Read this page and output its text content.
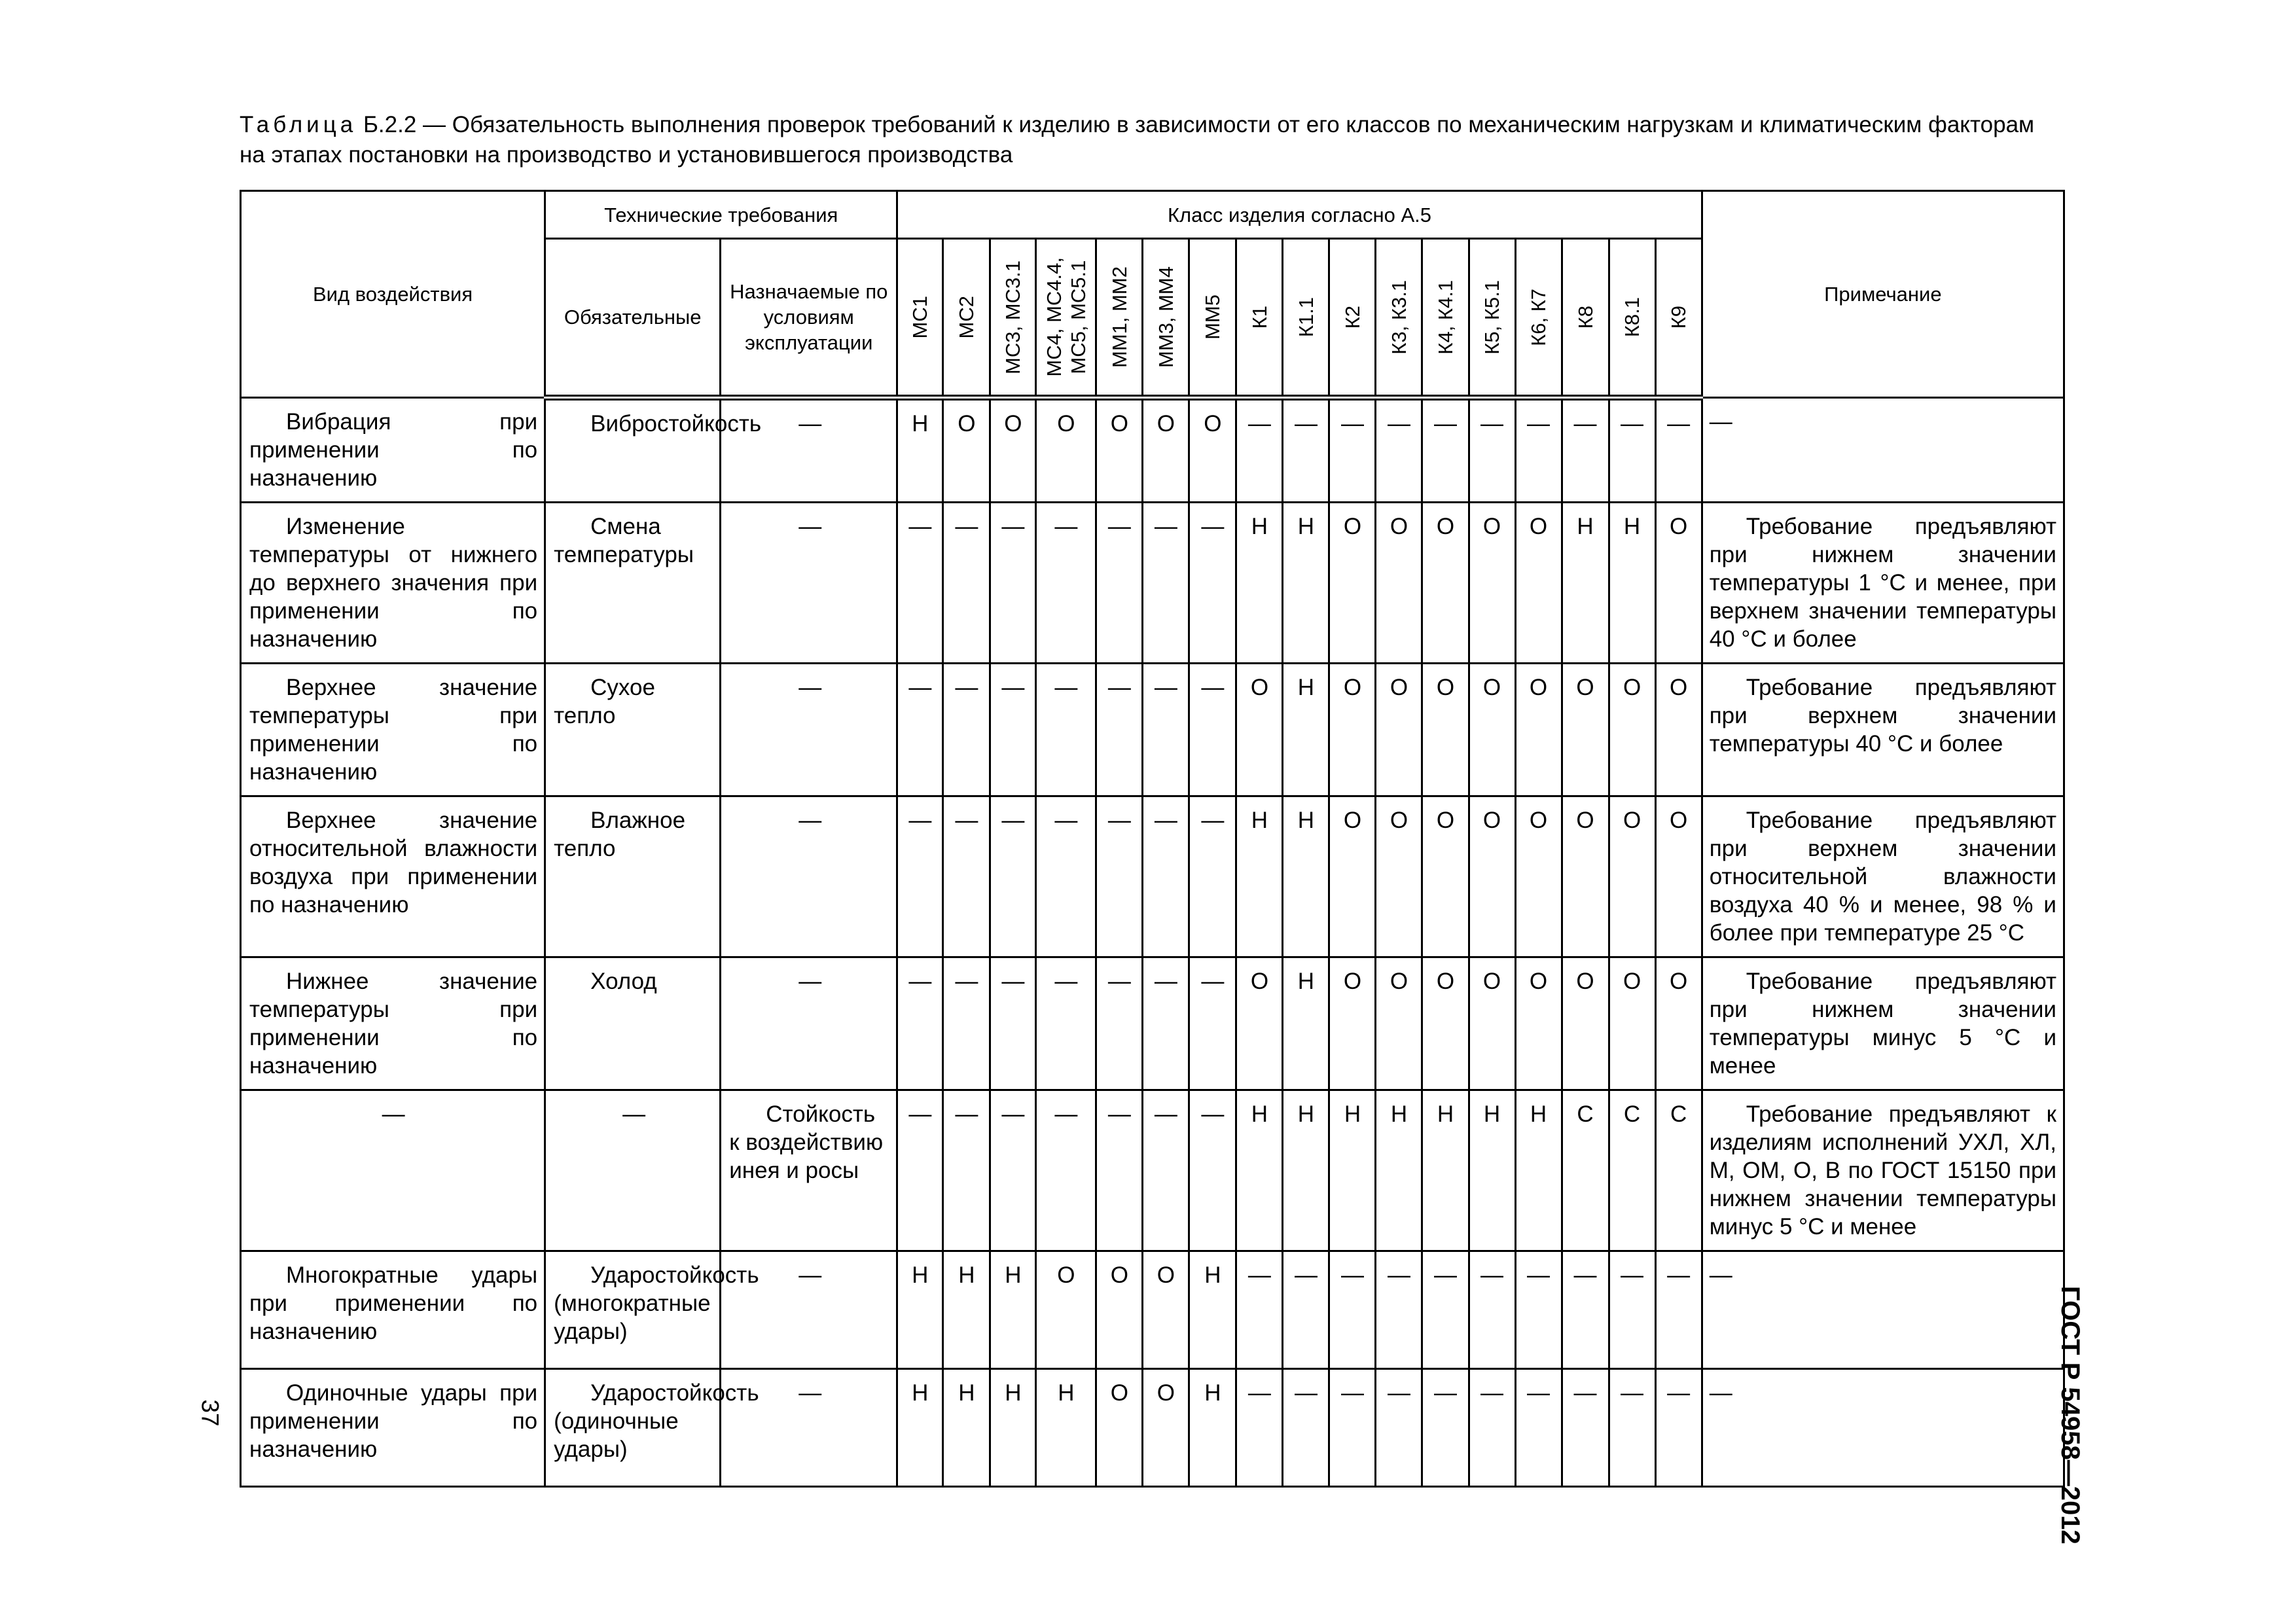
Таблица Б.2.2 — Обязательность выполнения проверок требований к изделию в зависимости от его классов по механическим нагрузкам и климатическим факторам на этапах постановки на производство и установившегося производства
Вид воздействия	Технические требования		Класс изделия согласно А.5																	Примечание
	Обязательные	Назначаемые по условиям эксплуатации	МС1	МС2	МС3, МС3.1	МС4, МС4.4,
МС5, МС5.1	ММ1, ММ2	ММ3, ММ4	ММ5	К1	К1.1	К2	К3, К3.1	К4, К4.1	К5, К5.1	К6, К7	К8	К8.1	К9	

Вибрация при применении по назначению	Вибростойкость	—	Н	О	О	О	О	О	О	—	—	—	—	—	—	—	—	—	—	—

Изменение температуры от нижнего до верхнего значения при применении по назначению	Смена температуры	—	—	—	—	—	—	—	—	Н	Н	О	О	О	О	О	Н	Н	О	Требование предъявляют при нижнем значении температуры 1 °С и менее, при верхнем значении температуры 40 °С и более

Верхнее значение температуры при применении по назначению	Сухое тепло	—	—	—	—	—	—	—	—	О	Н	О	О	О	О	О	О	О	О	Требование предъявляют при верхнем значении температуры 40 °С и более

Верхнее значение относительной влажности воздуха при применении по назначению	Влажное тепло	—	—	—	—	—	—	—	—	Н	Н	О	О	О	О	О	О	О	О	Требование предъявляют при верхнем значении относительной влажности воздуха 40 % и менее, 98 % и более при температуре 25 °С

Нижнее значение температуры при применении по назначению	Холод	—	—	—	—	—	—	—	—	О	Н	О	О	О	О	О	О	О	О	Требование предъявляют при нижнем значении температуры минус 5 °С и менее

—	—	Стойкость к воздействию инея и росы	—	—	—	—	—	—	—	Н	Н	Н	Н	Н	Н	Н	С	С	С	Требование предъявляют к изделиям исполнений УХЛ, ХЛ, М, ОМ, О, В по ГОСТ 15150 при нижнем значении температуры минус 5 °С и менее

Многократные удары при применении по назначению	Ударостойкость (многократные удары)	—	Н	Н	Н	О	О	О	Н	—	—	—	—	—	—	—	—	—	—	—

Одиночные удары при применении по назначению	Ударостойкость (одиночные удары)	—	Н	Н	Н	Н	О	О	Н	—	—	—	—	—	—	—	—	—	—	—
37	ГОСТ Р 54958—2012
